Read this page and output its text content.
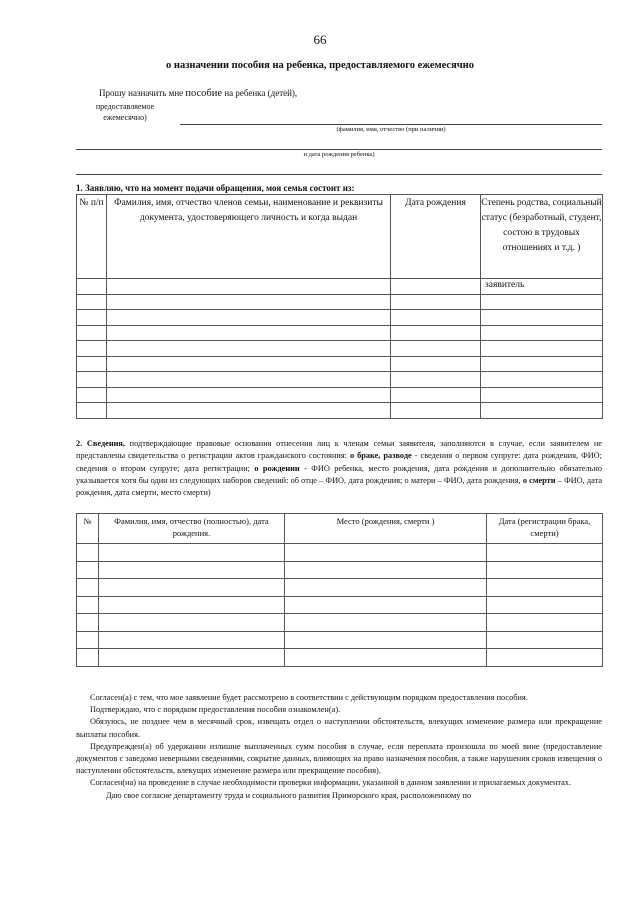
66
о назначении пособия на ребенка, предоставляемого ежемесячно
Прошу назначить мне пособие на ребенка (детей),
предоставляемое
ежемесячно)
(фамилия, имя, отчество (при наличии)
и дата рождения ребенка)
1. Заявляю, что на момент подачи обращения, моя семья состоит из:
№ п/п	Фамилия, имя, отчество членов семьи, наименование и реквизиты документа, удостоверяющего личность и когда выдан	Дата рождения	Степень родства, социальный статус (безработный, студент, состою в трудовых отношениях и т.д. )
			заявитель

2. Сведения, подтверждающие правовые основания отнесения лиц к членам семьи заявителя, заполняются в случае, если заявителем не представлены свидетельства о регистрации актов гражданского состояния: о браке, разводе - сведения о первом супруге: дата рождения, ФИО; сведения о втором супруге; дата регистрации; о рождении - ФИО ребенка, место рождения, дата рождения и дополнительно обязательно указывается хотя бы один из следующих наборов сведений: об отце – ФИО, дата рождения; о матери – ФИО, дата рождения, о смерти – ФИО, дата рождения, дата смерти, место смерти)
№	Фамилия, имя, отчество (полностью), дата рождения.	Место (рождения, смерти )	Дата (регистрации брака, смерти)

Согласен(а) с тем, что мое заявление будет рассмотрено в соответствии с действующим порядком предоставления пособия.

Подтверждаю, что с порядком предоставления пособия ознакомлен(а).

Обязуюсь, не позднее чем в месячный срок, извещать отдел о наступлении обстоятельств, влекущих изменение размера или прекращение выплаты пособия.

Предупрежден(а) об удержании излишне выплаченных сумм пособия в случае, если переплата произошла по моей вине (предоставление документов с заведомо неверными сведениями, сокрытие данных, влияющих на право назначения пособия, а также нарушения сроков извещения о наступлении обстоятельств, влекущих изменение размера или прекращение пособия).

Согласен(на) на проведение в случае необходимости проверки информации, указанной в данном заявлении и прилагаемых документах.

Даю свое согласие департаменту труда и социального развития Приморского края, расположенному по
